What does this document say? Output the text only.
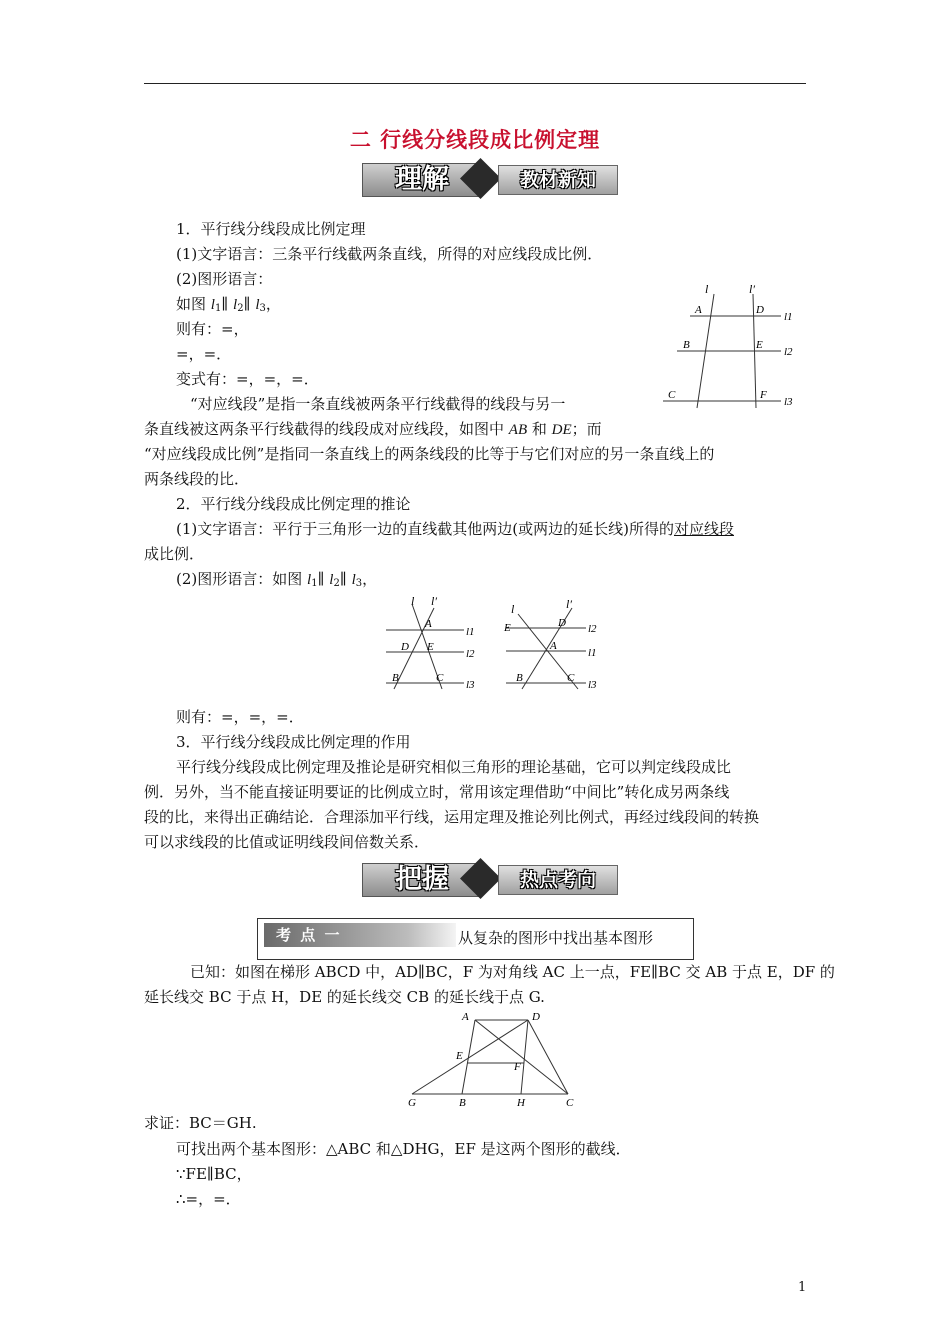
二 行线分线段成比例定理
理解	教材新知
1．平行线分线段成比例定理
(1)文字语言：三条平行线截两条直线，所得的对应线段成比例．
(2)图形语言：
如图 $l_1\parallel$ $l_2\parallel$ $l_3$，
则有：=，
=，=．
变式有：=，=，=．
“对应线段”是指一条直线被两条平行线截得的线段与另一
条直线被这两条平行线截得的线段成对应线段，如图中 AB 和 DE；而
“对应线段成比例”是指同一条直线上的两条线段的比等于与它们对应的另一条直线上的
两条线段的比．
l	l′
A	D
l1
B	E
l2
C	F
l3
2．平行线分线段成比例定理的推论
(1)文字语言：平行于三角形一边的直线截其他两边(或两边的延长线)所得的对应线段
成比例．
(2)图形语言：如图 $l_1\parallel$ $l_2\parallel$ $l_3$，
l l′
A
l1
D E
l2
B	C
l3
l	l′
E	D l2
A
l1
B	C
l3
则有：=，=，=．
3．平行线分线段成比例定理的作用
平行线分线段成比例定理及推论是研究相似三角形的理论基础，它可以判定线段成比
例．另外，当不能直接证明要证的比例成立时，常用该定理借助“中间比”转化成另两条线
段的比，来得出正确结论．合理添加平行线，运用定理及推论列比例式，再经过线段间的转换
可以求线段的比值或证明线段间倍数关系．
把握	热点考向
考 点 一	从复杂的图形中找出基本图形
已知：如图在梯形 ABCD 中，AD∥BC，F 为对角线 AC 上一点，FE∥BC 交 AB 于点 E，DF 的
延长线交 BC 于点 H，DE 的延长线交 CB 的延长线于点 G.
A	D
E
F
G	B	H	C
求证：BC＝GH.
可找出两个基本图形：△ABC 和△DHG，EF 是这两个图形的截线．
∵FE∥BC，
∴=，=．
1
